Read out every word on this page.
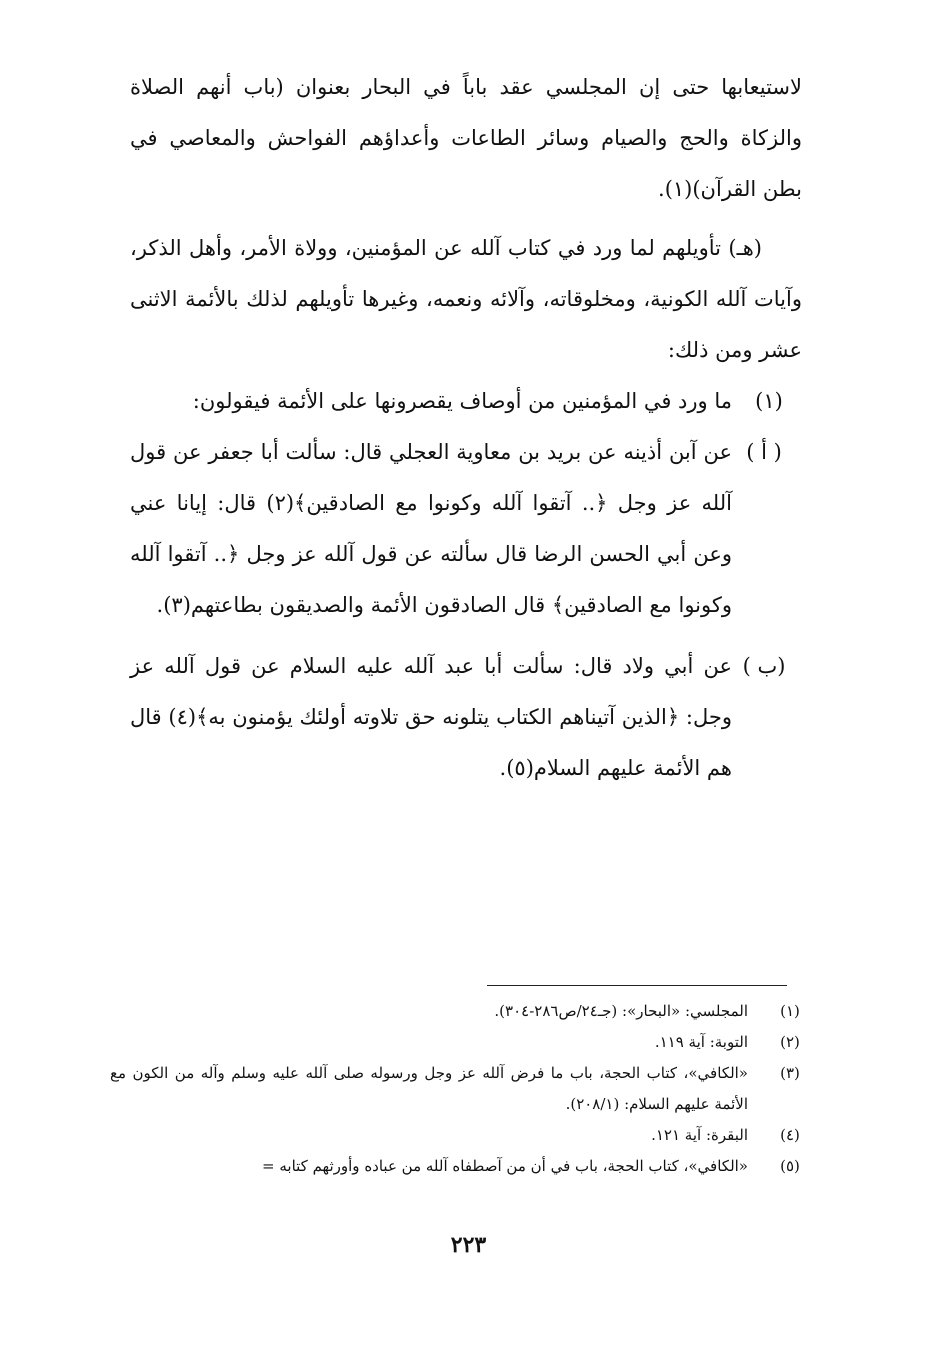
لاستيعابها حتى إن المجلسي عقد باباً في البحار بعنوان (باب أنهم الصلاة والزكاة والحج والصيام وسائر الطاعات وأعداؤهم الفواحش والمعاصي في بطن القرآن)(١).

(هـ) تأويلهم لما ورد في كتاب آلله عن المؤمنين، وولاة الأمر، وأهل الذكر، وآيات آلله الكونية، ومخلوقاته، وآلائه ونعمه، وغيرها تأويلهم لذلك بالأئمة الاثنى عشر ومن ذلك:

(١)
ما ورد في المؤمنين من أوصاف يقصرونها على الأئمة فيقولون:
( أ )
عن آبن أذينه عن بريد بن معاوية العجلي قال: سألت أبا جعفر عن قول آلله عز وجل ﴿.. آتقوا آلله وكونوا مع الصادقين﴾(٢) قال: إيانا عني وعن أبي الحسن الرضا قال سألته عن قول آلله عز وجل ﴿.. آتقوا آلله وكونوا مع الصادقين﴾ قال الصادقون الأئمة والصديقون بطاعتهم(٣).
(ب )
عن أبي ولاد قال: سألت أبا عبد آلله عليه السلام عن قول آلله عز وجل: ﴿الذين آتيناهم الكتاب يتلونه حق تلاوته أولئك يؤمنون به﴾(٤) قال هم الأئمة عليهم السلام(٥).

(١)
المجلسي: «البحار»: (جـ٢٤/ص٢٨٦-٣٠٤).

(٢)
التوبة: آية ١١٩.

(٣)
«الكافي»، كتاب الحجة، باب ما فرض آلله عز وجل ورسوله صلى آلله عليه وسلم وآله من الكون مع الأئمة عليهم السلام: (٢٠٨/١).

(٤)
البقرة: آية ١٢١.

(٥)
«الكافي»، كتاب الحجة، باب في أن من آصطفاه آلله من عباده وأورثهم كتابه =

٢٢٣
